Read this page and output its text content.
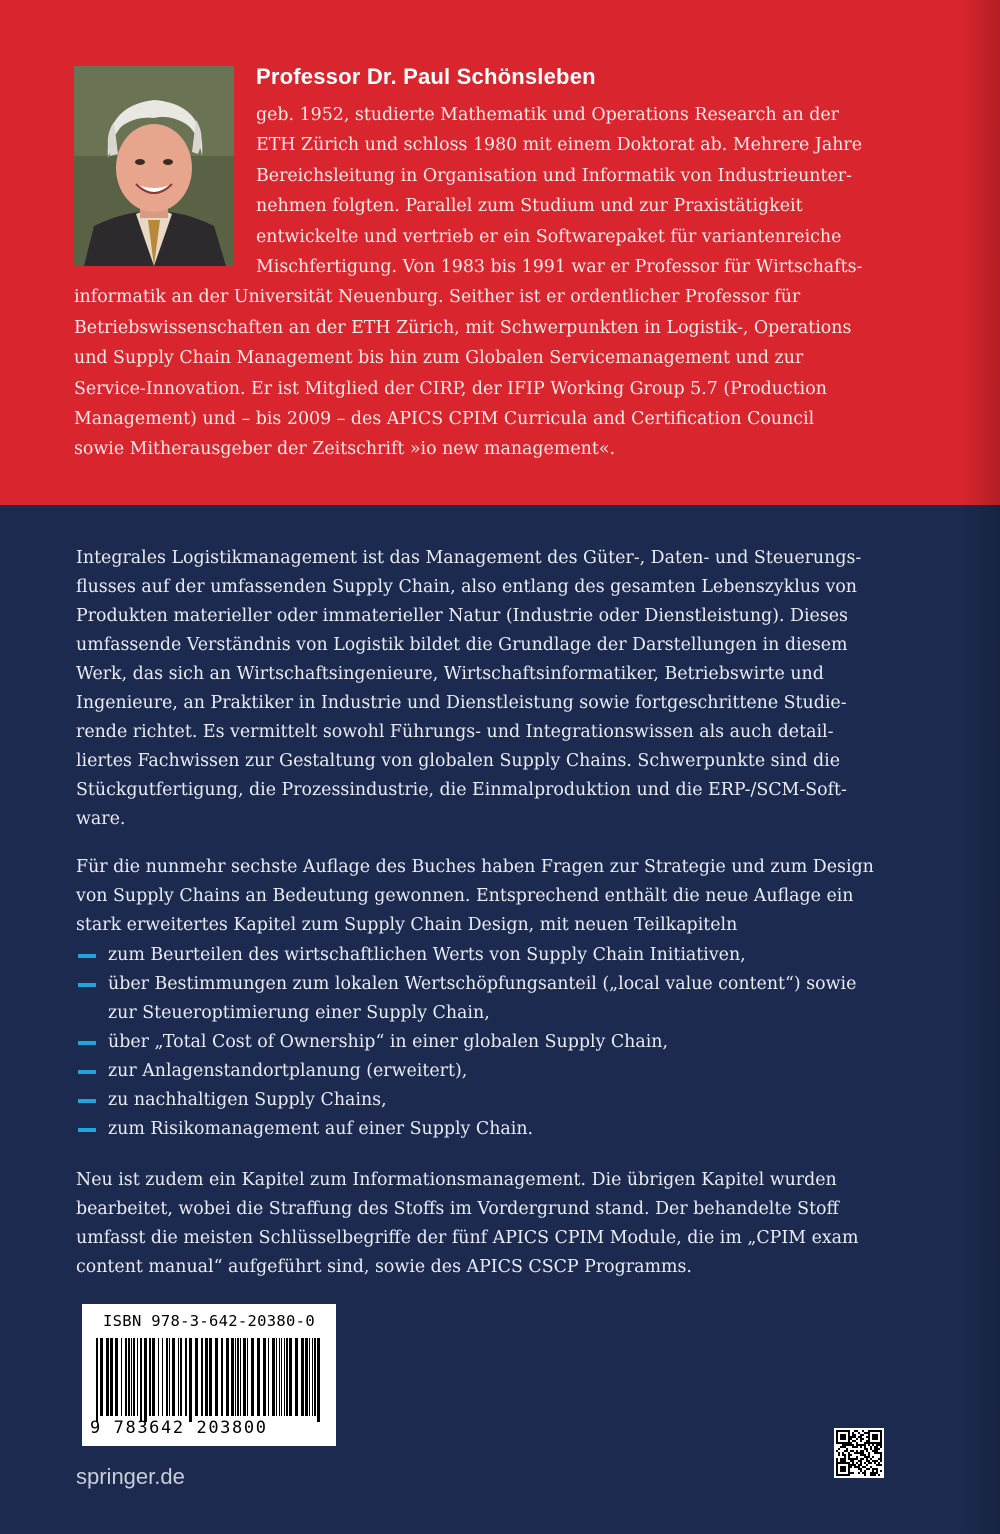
Professor Dr. Paul Schönsleben
geb. 1952, studierte Mathematik und Operations Research an der
ETH Zürich und schloss 1980 mit einem Doktorat ab. Mehrere Jahre
Bereichsleitung in Organisation und Informatik von Industrieunter-
nehmen folgten. Parallel zum Studium und zur Praxistätigkeit
entwickelte und vertrieb er ein Softwarepaket für variantenreiche
Mischfertigung. Von 1983 bis 1991 war er Professor für Wirtschafts-
informatik an der Universität Neuenburg. Seither ist er ordentlicher Professor für
Betriebswissenschaften an der ETH Zürich, mit Schwerpunkten in Logistik-, Operations
und Supply Chain Management bis hin zum Globalen Servicemanagement und zur
Service-Innovation. Er ist Mitglied der CIRP, der IFIP Working Group 5.7 (Production
Management) und – bis 2009 – des APICS CPIM Curricula and Certification Council
sowie Mitherausgeber der Zeitschrift »io new management«.
Integrales Logistikmanagement ist das Management des Güter-, Daten- und Steuerungs-
flusses auf der umfassenden Supply Chain, also entlang des gesamten Lebenszyklus von
Produkten materieller oder immaterieller Natur (Industrie oder Dienstleistung). Dieses
umfassende Verständnis von Logistik bildet die Grundlage der Darstellungen in diesem
Werk, das sich an Wirtschaftsingenieure, Wirtschaftsinformatiker, Betriebswirte und
Ingenieure, an Praktiker in Industrie und Dienstleistung sowie fortgeschrittene Studie-
rende richtet. Es vermittelt sowohl Führungs- und Integrationswissen als auch detail-
liertes Fachwissen zur Gestaltung von globalen Supply Chains. Schwerpunkte sind die
Stückgutfertigung, die Prozessindustrie, die Einmalproduktion und die ERP-/SCM-Soft-
ware.
Für die nunmehr sechste Auflage des Buches haben Fragen zur Strategie und zum Design
von Supply Chains an Bedeutung gewonnen. Entsprechend enthält die neue Auflage ein
stark erweitertes Kapitel zum Supply Chain Design, mit neuen Teilkapiteln
zum Beurteilen des wirtschaftlichen Werts von Supply Chain Initiativen,
über Bestimmungen zum lokalen Wertschöpfungsanteil („local value content“) sowie
zur Steueroptimierung einer Supply Chain,
über „Total Cost of Ownership“ in einer globalen Supply Chain,
zur Anlagenstandortplanung (erweitert),
zu nachhaltigen Supply Chains,
zum Risikomanagement auf einer Supply Chain.
Neu ist zudem ein Kapitel zum Informationsmanagement. Die übrigen Kapitel wurden
bearbeitet, wobei die Straffung des Stoffs im Vordergrund stand. Der behandelte Stoff
umfasst die meisten Schlüsselbegriffe der fünf APICS CPIM Module, die im „CPIM exam
content manual“ aufgeführt sind, sowie des APICS CSCP Programms.
ISBN 978-3-642-20380-0
9 783642 203800
springer.de
